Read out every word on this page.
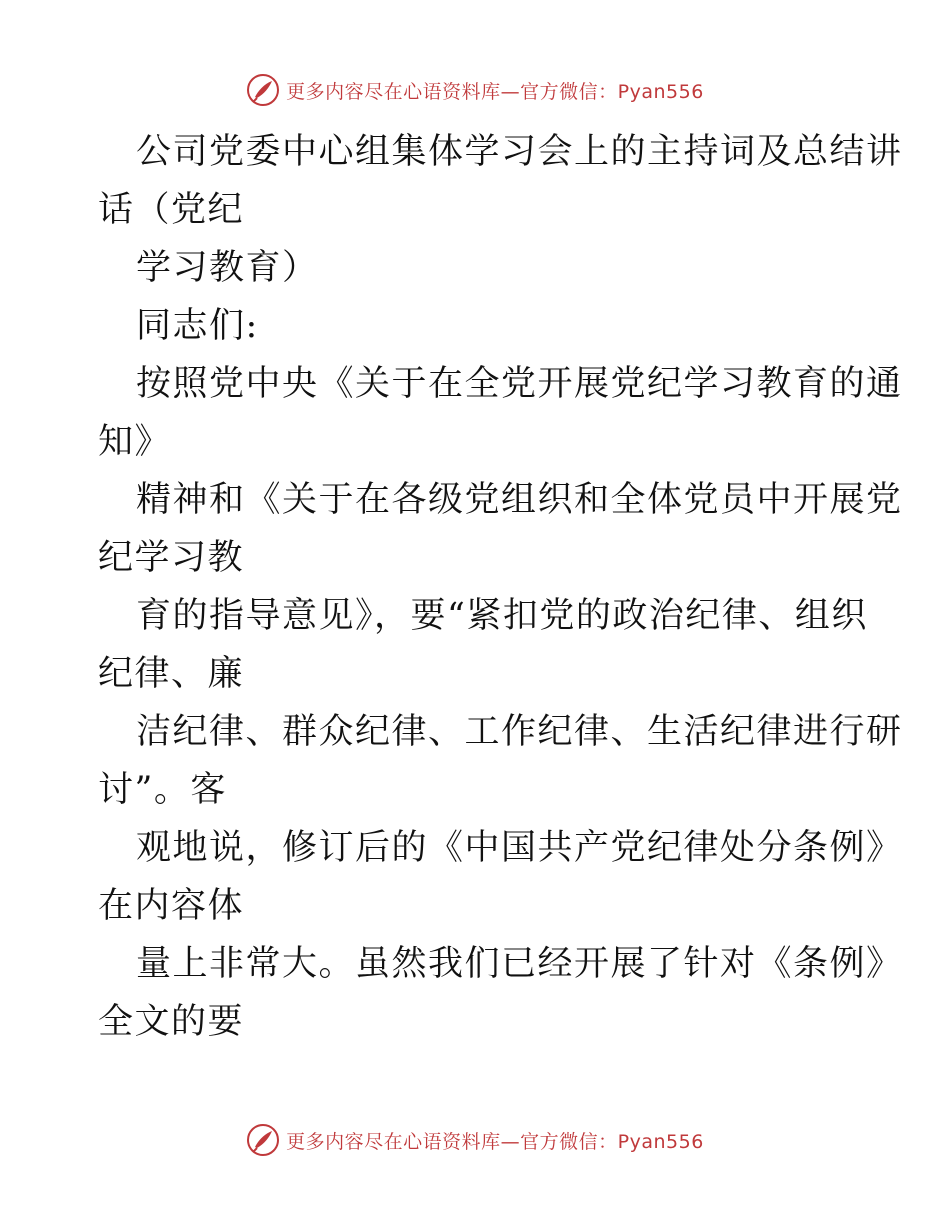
更多内容尽在心语资料库—官方微信：Pyan556
公司党委中心组集体学习会上的主持词及总结讲
话（党纪
学习教育）
同志们:
按照党中央《关于在全党开展党纪学习教育的通
知》
精神和《关于在各级党组织和全体党员中开展党
纪学习教
育的指导意见》，要“紧扣党的政治纪律、组织
纪律、廉
洁纪律、群众纪律、工作纪律、生活纪律进行研
讨”。客
观地说，修订后的《中国共产党纪律处分条例》
在内容体
量上非常大。虽然我们已经开展了针对《条例》
全文的要
更多内容尽在心语资料库—官方微信：Pyan556
